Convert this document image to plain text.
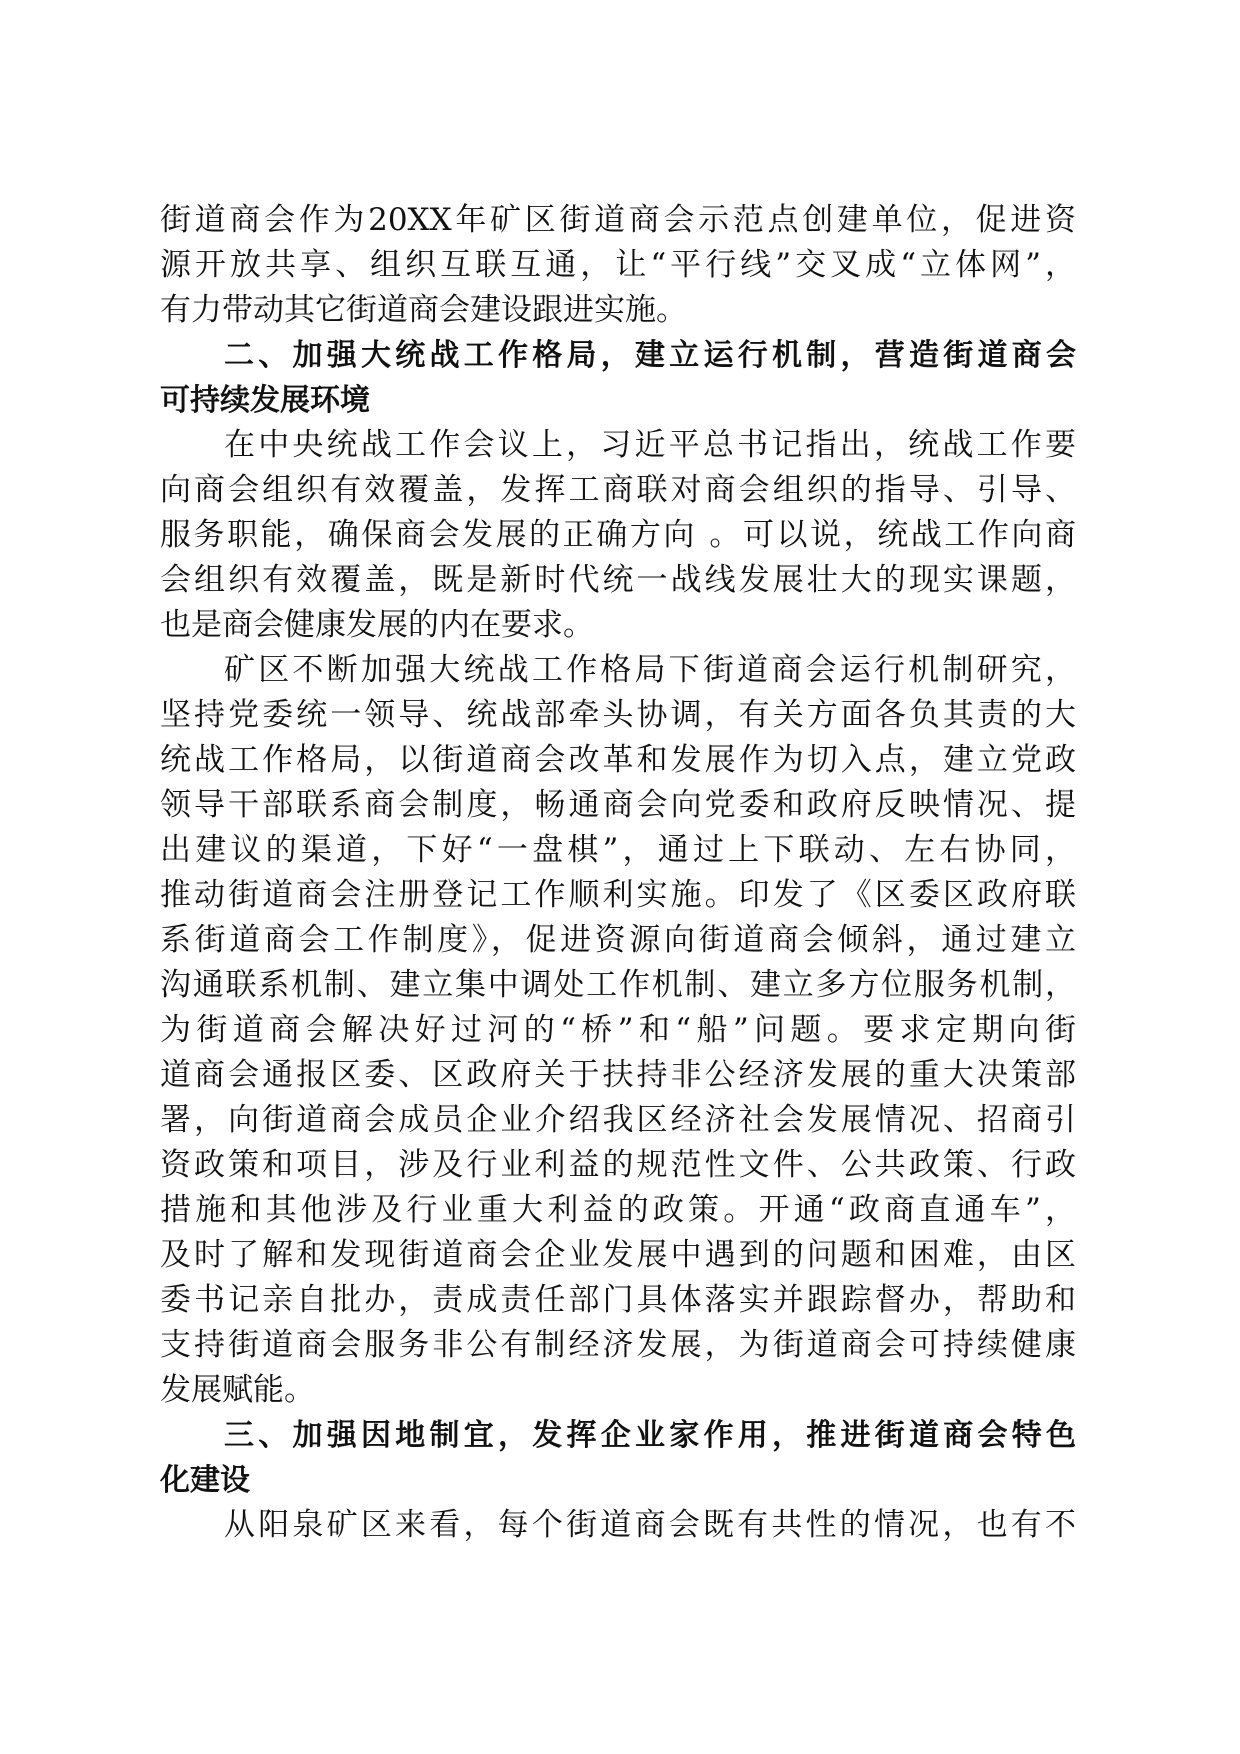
街道商会作为20XX年矿区街道商会示范点创建单位，促进资
源开放共享、组织互联互通，让“平行线”交叉成“立体网”，
有力带动其它街道商会建设跟进实施。
二、加强大统战工作格局，建立运行机制，营造街道商会
可持续发展环境
在中央统战工作会议上，习近平总书记指出，统战工作要
向商会组织有效覆盖，发挥工商联对商会组织的指导、引导、
服务职能，确保商会发展的正确方向 。可以说，统战工作向商
会组织有效覆盖，既是新时代统一战线发展壮大的现实课题，
也是商会健康发展的内在要求。
矿区不断加强大统战工作格局下街道商会运行机制研究，
坚持党委统一领导、统战部牵头协调，有关方面各负其责的大
统战工作格局，以街道商会改革和发展作为切入点，建立党政
领导干部联系商会制度，畅通商会向党委和政府反映情况、提
出建议的渠道，下好“一盘棋”，通过上下联动、左右协同，
推动街道商会注册登记工作顺利实施。印发了《区委区政府联
系街道商会工作制度》，促进资源向街道商会倾斜，通过建立
沟通联系机制、建立集中调处工作机制、建立多方位服务机制，
为街道商会解决好过河的“桥”和“船”问题。要求定期向街
道商会通报区委、区政府关于扶持非公经济发展的重大决策部
署，向街道商会成员企业介绍我区经济社会发展情况、招商引
资政策和项目，涉及行业利益的规范性文件、公共政策、行政
措施和其他涉及行业重大利益的政策。开通“政商直通车”，
及时了解和发现街道商会企业发展中遇到的问题和困难，由区
委书记亲自批办，责成责任部门具体落实并跟踪督办，帮助和
支持街道商会服务非公有制经济发展，为街道商会可持续健康
发展赋能。
三、加强因地制宜，发挥企业家作用，推进街道商会特色
化建设
从阳泉矿区来看，每个街道商会既有共性的情况，也有不
